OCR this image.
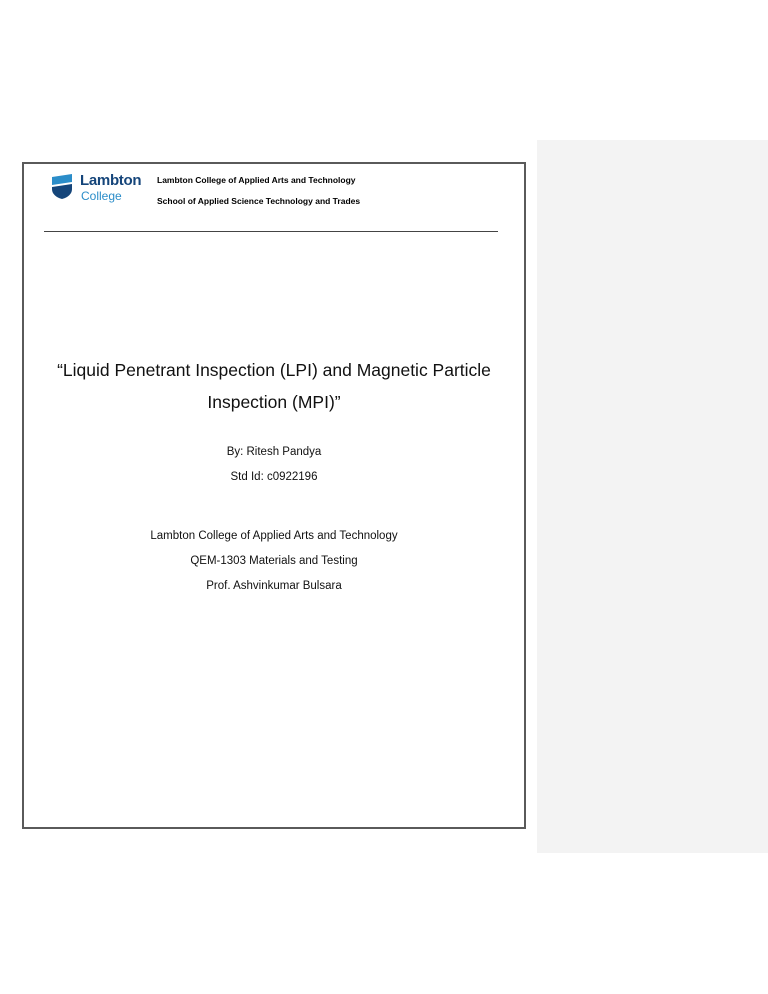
Lambton
College
Lambton College of Applied Arts and Technology
School of Applied Science Technology and Trades
“Liquid Penetrant Inspection (LPI) and Magnetic Particle
Inspection (MPI)”
By: Ritesh Pandya
Std Id: c0922196
Lambton College of Applied Arts and Technology
QEM-1303 Materials and Testing
Prof. Ashvinkumar Bulsara
